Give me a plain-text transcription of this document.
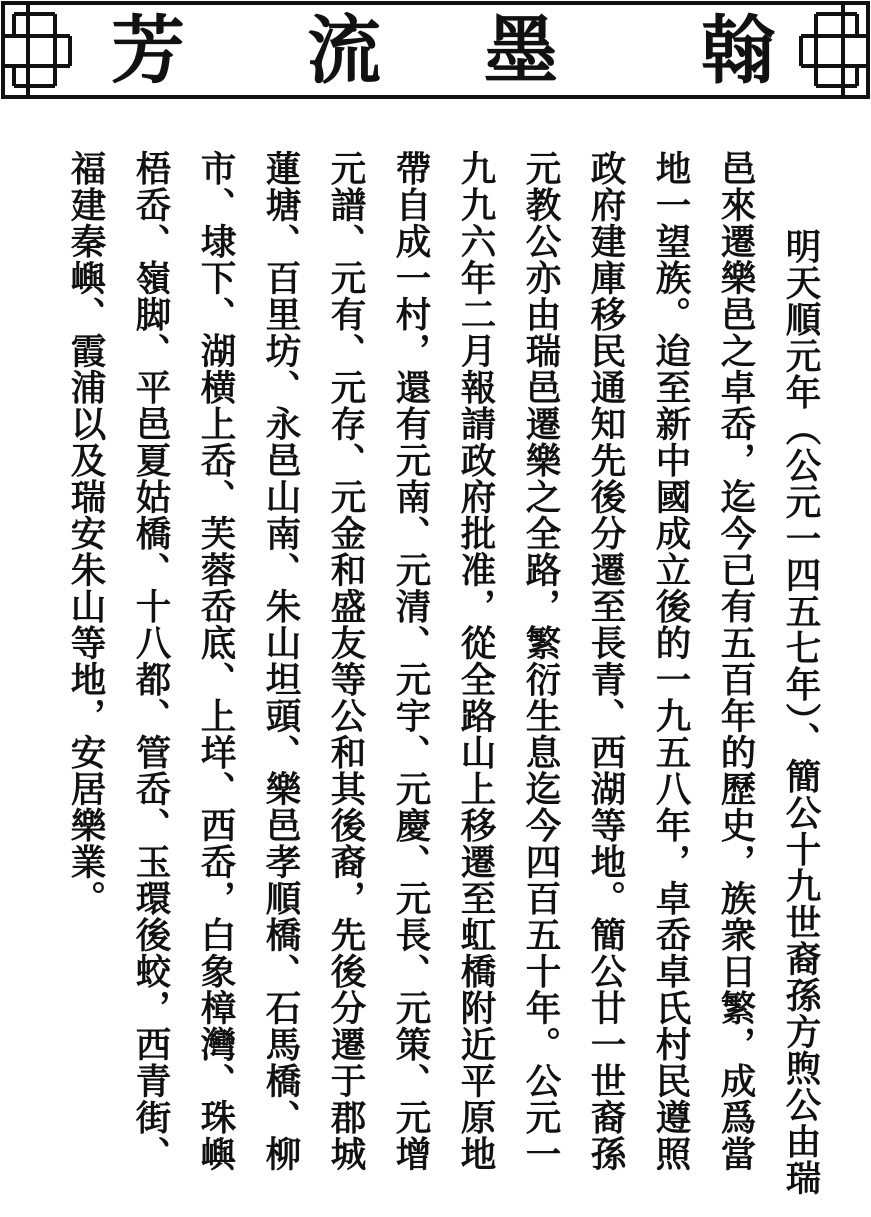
翰
墨
流
芳
明天順元年（公元一四五七年）、簡公十九世裔孫方煦公由瑞
邑來遷樂邑之卓岙，迄今已有五百年的歷史，族衆日繁，成爲當
地一望族。迨至新中國成立後的一九五八年，卓岙卓氏村民遵照
政府建庫移民通知先後分遷至長青、西湖等地。簡公廿一世裔孫
元教公亦由瑞邑遷樂之全路，繁衍生息迄今四百五十年。公元一
九九六年二月報請政府批准，從全路山上移遷至虹橋附近平原地
帶自成一村，還有元南、元清、元宇、元慶、元長、元策、元增
元譜、元有、元存、元金和盛友等公和其後裔，先後分遷于郡城
蓮塘、百里坊、永邑山南、朱山坦頭、樂邑孝順橋、石馬橋、柳
市、埭下、湖横上岙、芙蓉岙底、上垟、西岙，白象樟灣、珠嶼
梧岙、嶺脚、平邑夏姑橋、十八都、管岙、玉環後蛟，西青街、
福建秦嶼、霞浦以及瑞安朱山等地，安居樂業。
